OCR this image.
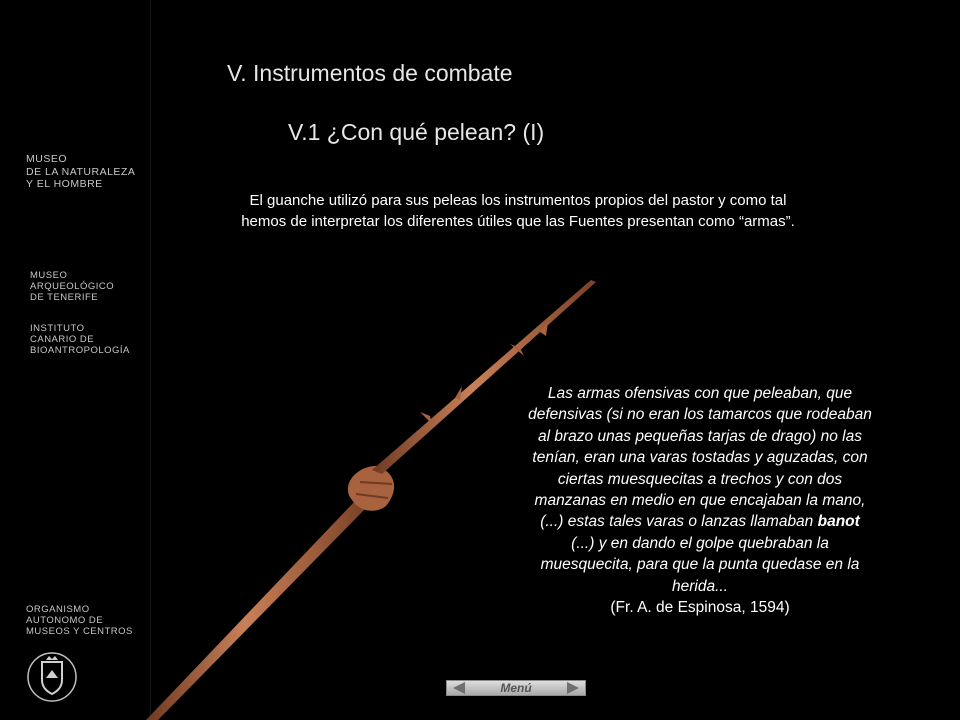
V. Instrumentos de combate
V.1 ¿Con qué pelean? (I)
El guanche utilizó para sus peleas los instrumentos propios del pastor y como tal hemos de interpretar los diferentes útiles que las Fuentes presentan como “armas”.
MUSEO
DE LA NATURALEZA
Y EL HOMBRE
MUSEO
ARQUEOLÓGICO
DE TENERIFE
INSTITUTO
CANARIO DE
BIOANTROPOLOGÍA
ORGANISMO
AUTONOMO DE
MUSEOS Y CENTROS
Las armas ofensivas con que peleaban, que
defensivas (si no eran los tamarcos que rodeaban
al brazo unas pequeñas tarjas de drago) no las
tenían, eran una varas tostadas y aguzadas, con
ciertas muesquecitas a trechos y con dos
manzanas en medio en que encajaban la mano,
(...) estas tales varas o lanzas llamaban banot
(...) y en dando el golpe quebraban la
muesquecita, para que la punta quedase en la
herida...
(Fr. A. de Espinosa, 1594)
Menú
